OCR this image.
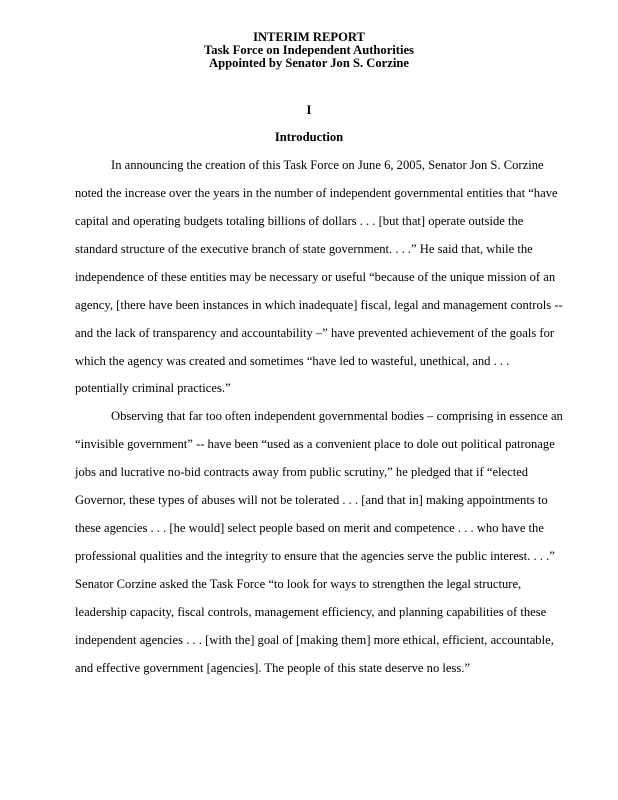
INTERIM REPORT
Task Force on Independent Authorities
Appointed by Senator Jon S. Corzine
I
Introduction
In announcing the creation of this Task Force on June 6, 2005, Senator Jon S. Corzine
noted the increase over the years in the number of independent governmental entities that “have
capital and operating budgets totaling billions of dollars . . . [but that] operate outside the
standard structure of the executive branch of state government. . . .” He said that, while the
independence of these entities may be necessary or useful “because of the unique mission of an
agency, [there have been instances in which inadequate] fiscal, legal and management controls --
and the lack of transparency and accountability –” have prevented achievement of the goals for
which the agency was created and sometimes “have led to wasteful, unethical, and . . .
potentially criminal practices.”
Observing that far too often independent governmental bodies – comprising in essence an
“invisible government” -- have been “used as a convenient place to dole out political patronage
jobs and lucrative no-bid contracts away from public scrutiny,” he pledged that if “elected
Governor, these types of abuses will not be tolerated . . . [and that in] making appointments to
these agencies . . . [he would] select people based on merit and competence . . . who have the
professional qualities and the integrity to ensure that the agencies serve the public interest. . . .”
Senator Corzine asked the Task Force “to look for ways to strengthen the legal structure,
leadership capacity, fiscal controls, management efficiency, and planning capabilities of these
independent agencies . . . [with the] goal of [making them] more ethical, efficient, accountable,
and effective government [agencies]. The people of this state deserve no less.”
